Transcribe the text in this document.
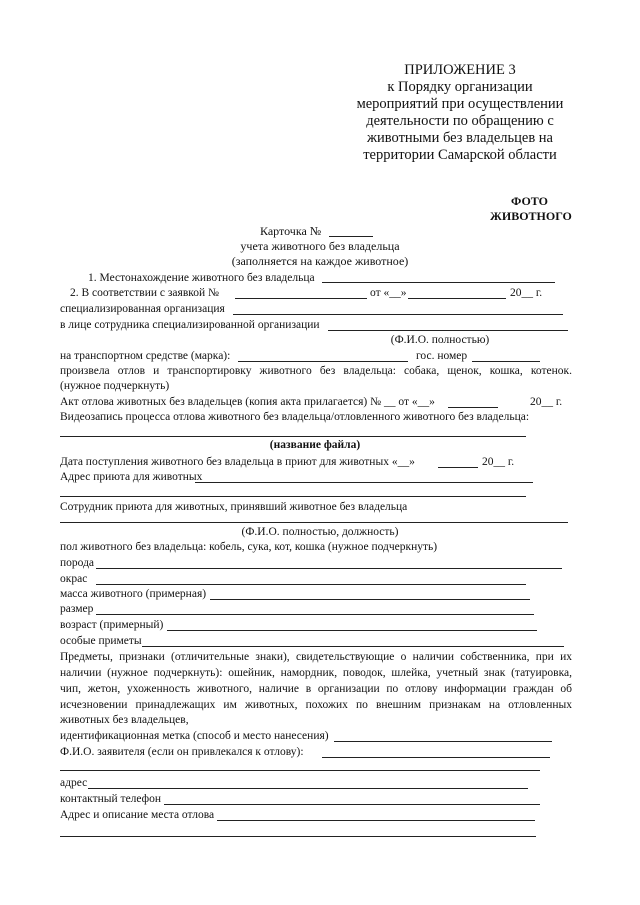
ПРИЛОЖЕНИЕ 3
к Порядку организации
мероприятий при осуществлении
деятельности по обращению с
животными без владельцев на
территории Самарской области
ФОТО
ЖИВОТНОГО
Карточка №
учета животного без владельца
(заполняется на каждое животное)
1. Местонахождение животного без владельца
2. В соответствии с заявкой №	от «__»	20__ г.
специализированная организация
в лице сотрудника специализированной организации
(Ф.И.О. полностью)
на транспортном средстве (марка):	гос. номер
произвела отлов и транспортировку животного без владельца: собака, щенок, кошка, котенок.
(нужное подчеркнуть)
Акт отлова животных без владельцев (копия акта прилагается) № __ от «__»	20__ г.
Видеозапись процесса отлова животного без владельца/отловленного животного без владельца:
(название файла)
Дата поступления животного без владельца в приют для животных «__»	20__ г.
Адрес приюта для животных
Сотрудник приюта для животных, принявший животное без владельца
(Ф.И.О. полностью, должность)
пол животного без владельца: кобель, сука, кот, кошка (нужное подчеркнуть)
порода
окрас
масса животного (примерная)
размер
возраст (примерный)
особые приметы
Предметы, признаки (отличительные знаки), свидетельствующие о наличии собственника, при их
наличии (нужное подчеркнуть): ошейник, намордник, поводок, шлейка, учетный знак (татуировка,
чип, жетон, ухоженность животного, наличие в организации по отлову информации граждан об
исчезновении принадлежащих им животных, похожих по внешним признакам на отловленных
животных без владельцев,
идентификационная метка (способ и место нанесения)
Ф.И.О. заявителя (если он привлекался к отлову):
адрес
контактный телефон
Адрес и описание места отлова
